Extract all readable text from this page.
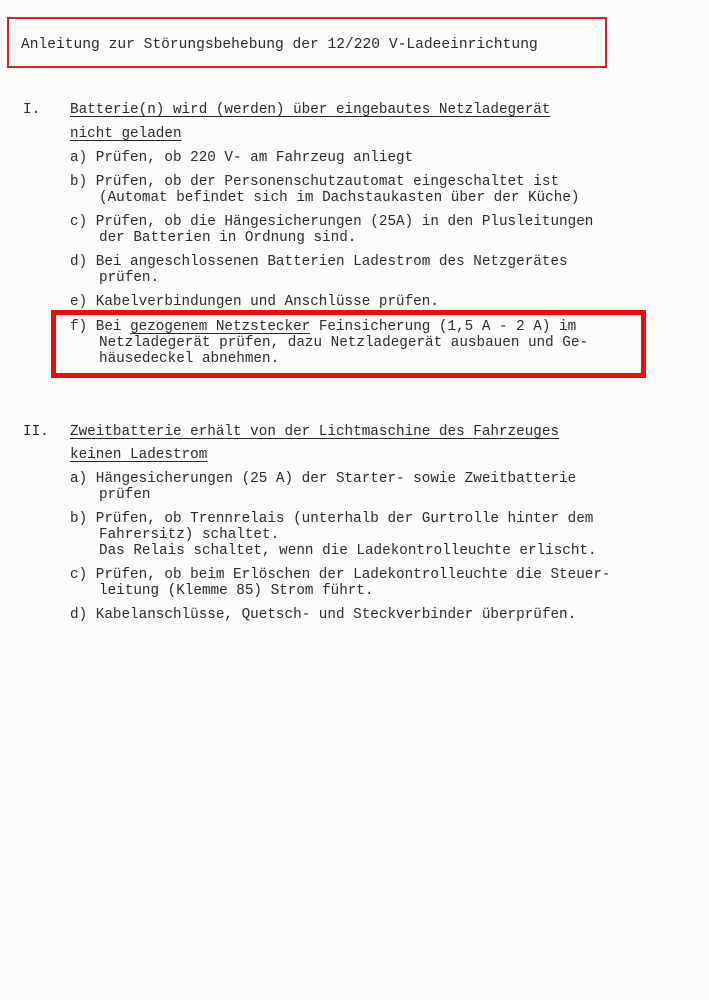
Anleitung zur Störungsbehebung der 12/220 V-Ladeeinrichtung
I. Batterie(n) wird (werden) über eingebautes Netzladegerät
nicht geladen
a) Prüfen, ob 220 V- am Fahrzeug anliegt
b) Prüfen, ob der Personenschutzautomat eingeschaltet ist
(Automat befindet sich im Dachstaukasten über der Küche)
c) Prüfen, ob die Hängesicherungen (25A) in den Plusleitungen
der Batterien in Ordnung sind.
d) Bei angeschlossenen Batterien Ladestrom des Netzgerätes
prüfen.
e) Kabelverbindungen und Anschlüsse prüfen.
f) Bei gezogenem Netzstecker Feinsicherung (1,5 A - 2 A) im
Netzladegerät prüfen, dazu Netzladegerät ausbauen und Ge-
häusedeckel abnehmen.
II. Zweitbatterie erhält von der Lichtmaschine des Fahrzeuges
keinen Ladestrom
a) Hängesicherungen (25 A) der Starter- sowie Zweitbatterie
prüfen
b) Prüfen, ob Trennrelais (unterhalb der Gurtrolle hinter dem
Fahrersitz) schaltet.
Das Relais schaltet, wenn die Ladekontrolleuchte erlischt.
c) Prüfen, ob beim Erlöschen der Ladekontrolleuchte die Steuer-
leitung (Klemme 85) Strom führt.
d) Kabelanschlüsse, Quetsch- und Steckverbinder überprüfen.
